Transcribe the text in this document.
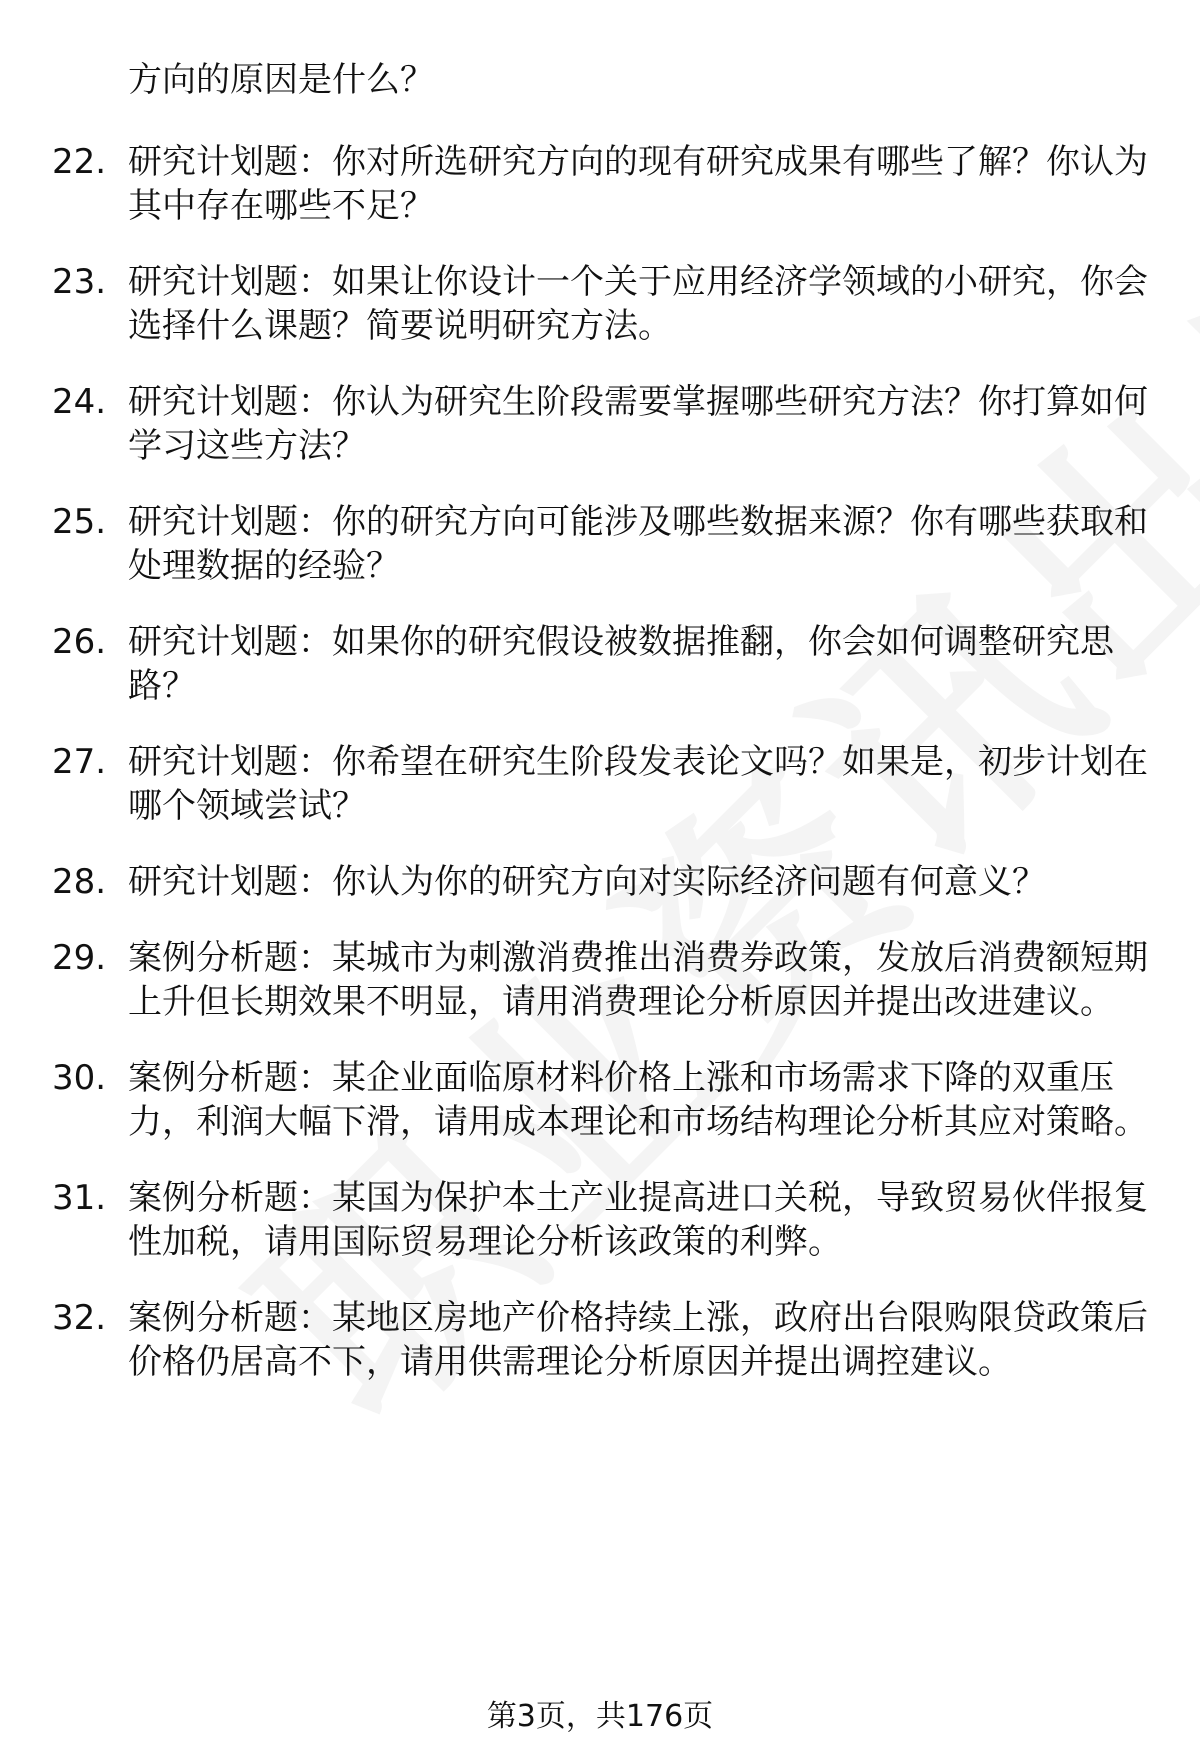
方向的原因是什么？
22. 研究计划题：你对所选研究方向的现有研究成果有哪些了解？你认为其中存在哪些不足？
23. 研究计划题：如果让你设计一个关于应用经济学领域的小研究，你会选择什么课题？简要说明研究方法。
24. 研究计划题：你认为研究生阶段需要掌握哪些研究方法？你打算如何学习这些方法？
25. 研究计划题：你的研究方向可能涉及哪些数据来源？你有哪些获取和处理数据的经验？
26. 研究计划题：如果你的研究假设被数据推翻，你会如何调整研究思路？
27. 研究计划题：你希望在研究生阶段发表论文吗？如果是，初步计划在哪个领域尝试？
28. 研究计划题：你认为你的研究方向对实际经济问题有何意义？
29. 案例分析题：某城市为刺激消费推出消费券政策，发放后消费额短期上升但长期效果不明显，请用消费理论分析原因并提出改进建议。
30. 案例分析题：某企业面临原材料价格上涨和市场需求下降的双重压力，利润大幅下滑，请用成本理论和市场结构理论分析其应对策略。
31. 案例分析题：某国为保护本土产业提高进口关税，导致贸易伙伴报复性加税，请用国际贸易理论分析该政策的利弊。
32. 案例分析题：某地区房地产价格持续上涨，政府出台限购限贷政策后价格仍居高不下，请用供需理论分析原因并提出调控建议。
第3页，共176页
